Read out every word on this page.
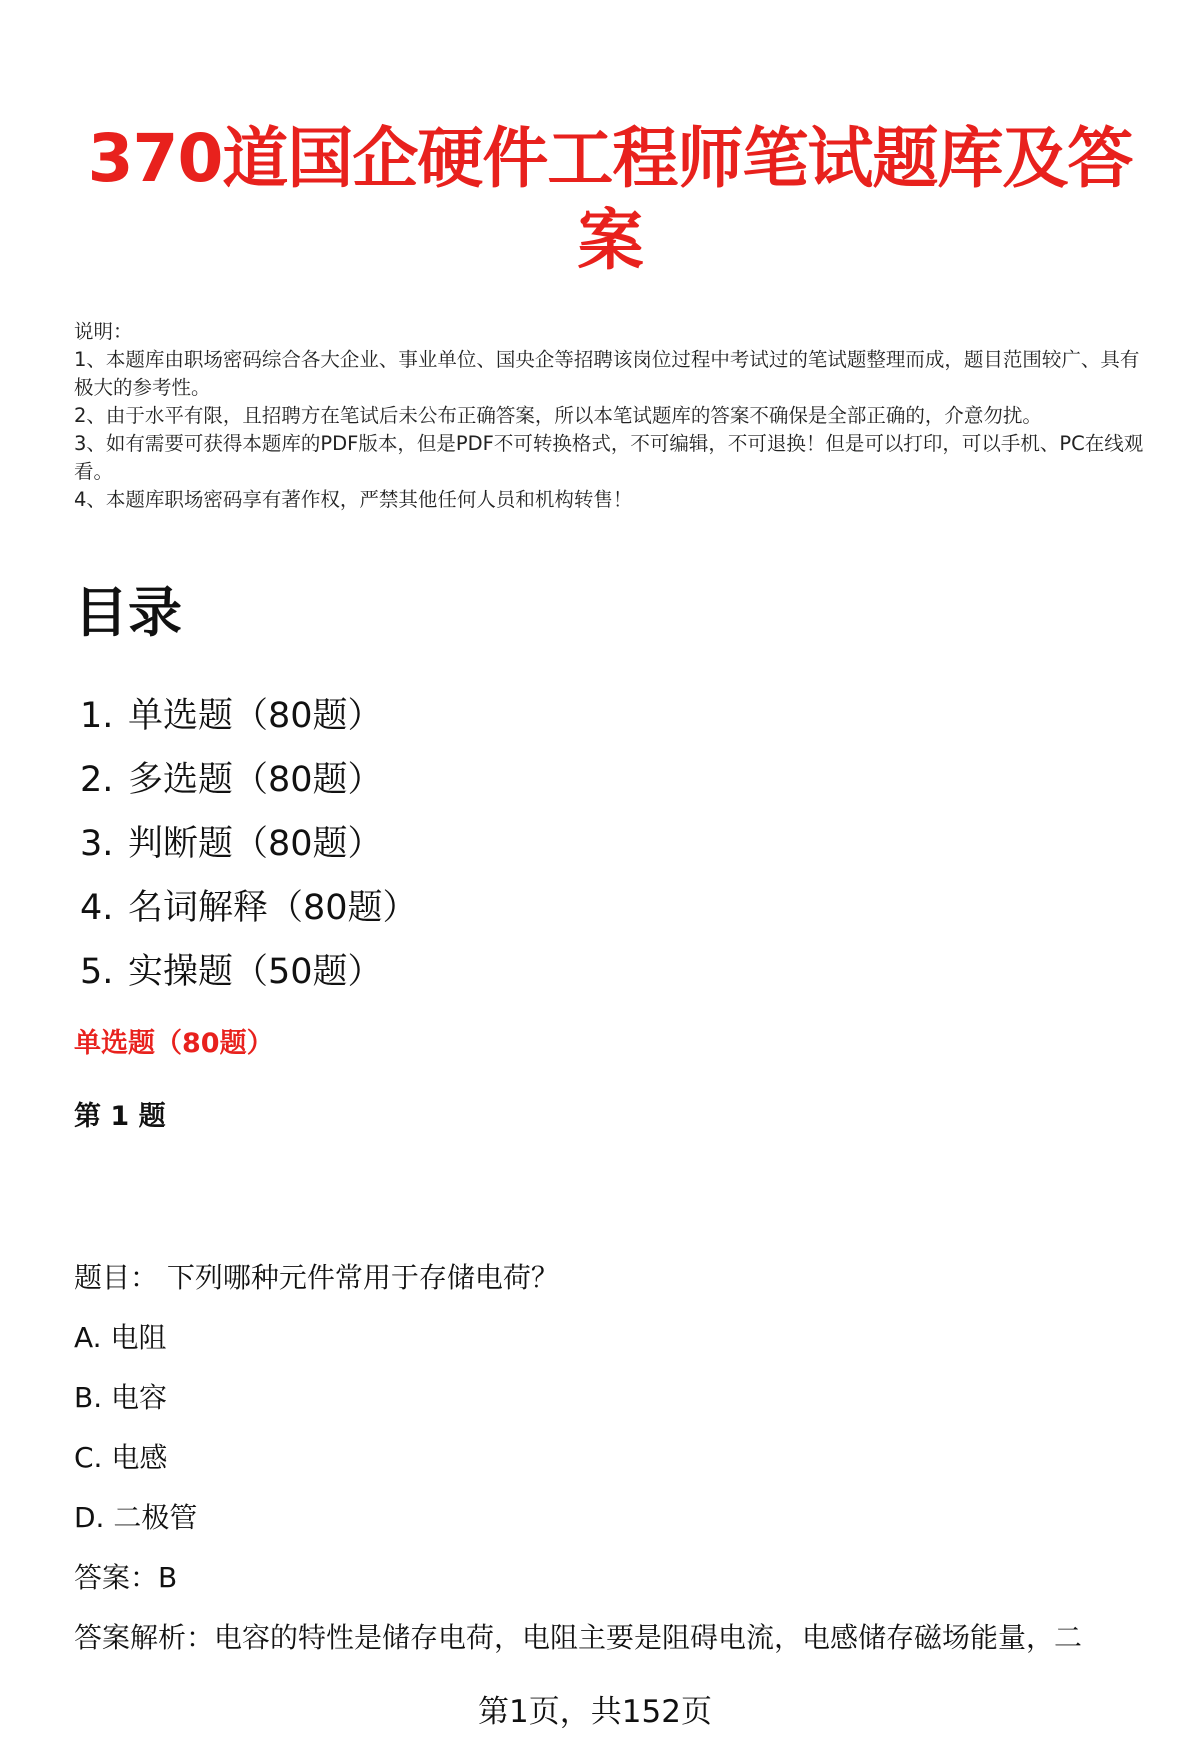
370道国企硬件工程师笔试题库及答案
说明：
1、本题库由职场密码综合各大企业、事业单位、国央企等招聘该岗位过程中考试过的笔试题整理而成，题目范围较广、具有极大的参考性。
2、由于水平有限，且招聘方在笔试后未公布正确答案，所以本笔试题库的答案不确保是全部正确的，介意勿扰。
3、如有需要可获得本题库的PDF版本，但是PDF不可转换格式，不可编辑，不可退换！但是可以打印，可以手机、PC在线观看。
4、本题库职场密码享有著作权，严禁其他任何人员和机构转售！
目录
1. 单选题（80题）
2. 多选题（80题）
3. 判断题（80题）
4. 名词解释（80题）
5. 实操题（50题）
单选题（80题）
第 1 题
题目： 下列哪种元件常用于存储电荷？
A. 电阻
B. 电容
C. 电感
D. 二极管
答案：B
答案解析：电容的特性是储存电荷，电阻主要是阻碍电流，电感储存磁场能量，二
第1页，共152页
